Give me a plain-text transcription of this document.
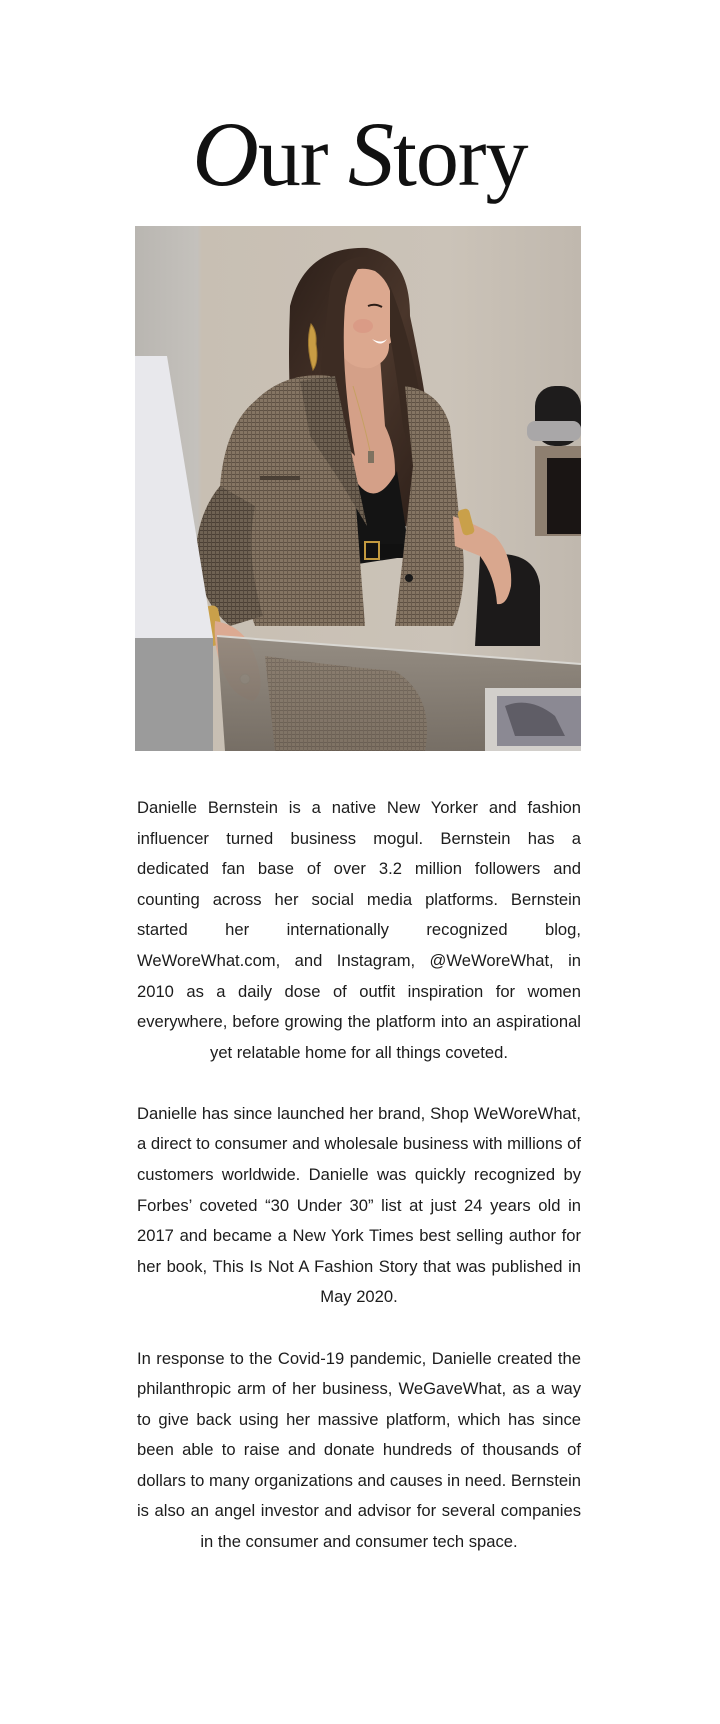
Our Story

Danielle Bernstein is a native New Yorker and fashion influencer turned business mogul. Bernstein has a dedicated fan base of over 3.2 million followers and counting across her social media platforms. Bernstein started her internationally recognized blog, WeWoreWhat.com, and Instagram, @WeWoreWhat, in 2010 as a daily dose of outfit inspiration for women everywhere, before growing the platform into an aspirational yet relatable home for all things coveted.

Danielle has since launched her brand, Shop WeWoreWhat, a direct to consumer and wholesale business with millions of customers worldwide. Danielle was quickly recognized by Forbes’ coveted “30 Under 30” list at just 24 years old in 2017 and became a New York Times best selling author for her book, This Is Not A Fashion Story that was published in May 2020.

In response to the Covid-19 pandemic, Danielle created the philanthropic arm of her business, WeGaveWhat, as a way to give back using her massive platform, which has since been able to raise and donate hundreds of thousands of dollars to many organizations and causes in need. Bernstein is also an angel investor and advisor for several companies in the consumer and consumer tech space.
